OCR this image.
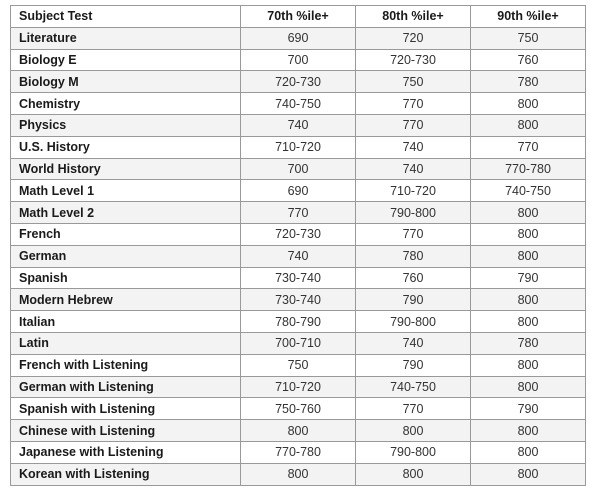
Subject Test	70th %ile+	80th %ile+	90th %ile+
Literature	690	720	750
Biology E	700	720-730	760
Biology M	720-730	750	780
Chemistry	740-750	770	800
Physics	740	770	800
U.S. History	710-720	740	770
World History	700	740	770-780
Math Level 1	690	710-720	740-750
Math Level 2	770	790-800	800
French	720-730	770	800
German	740	780	800
Spanish	730-740	760	790
Modern Hebrew	730-740	790	800
Italian	780-790	790-800	800
Latin	700-710	740	780
French with Listening	750	790	800
German with Listening	710-720	740-750	800
Spanish with Listening	750-760	770	790
Chinese with Listening	800	800	800
Japanese with Listening	770-780	790-800	800
Korean with Listening	800	800	800
